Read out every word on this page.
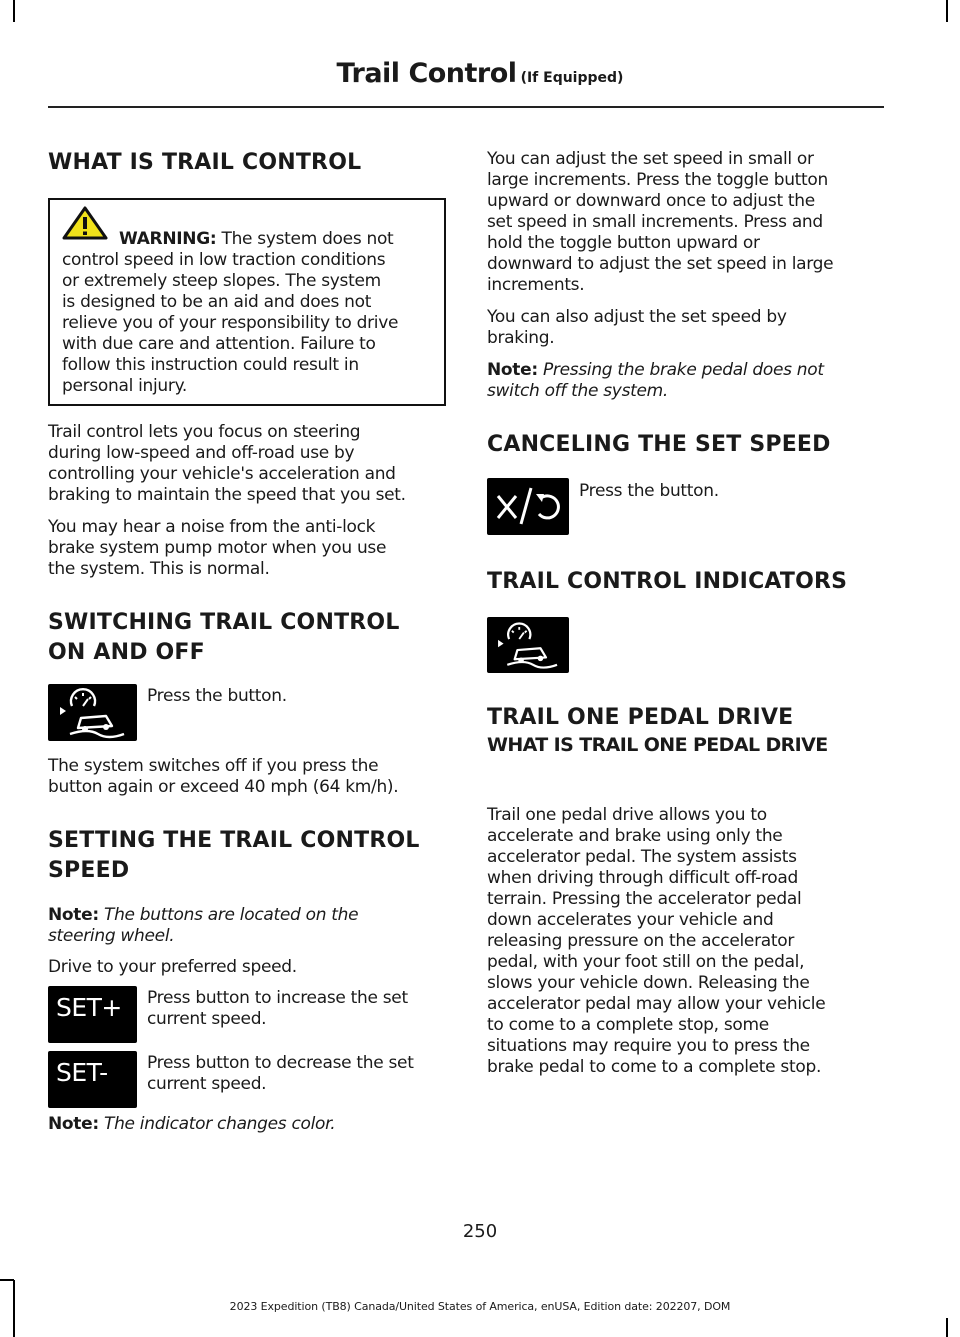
Trail Control (If Equipped)
WHAT IS TRAIL CONTROL
WARNING: The system does not
control speed in low traction conditions
or extremely steep slopes. The system
is designed to be an aid and does not
relieve you of your responsibility to drive
with due care and attention. Failure to
follow this instruction could result in
personal injury.
Trail control lets you focus on steering
during low-speed and off-road use by
controlling your vehicle's acceleration and
braking to maintain the speed that you set.
You may hear a noise from the anti-lock
brake system pump motor when you use
the system. This is normal.
SWITCHING TRAIL CONTROL
ON AND OFF
Press the button.
The system switches off if you press the
button again or exceed 40 mph (64 km/h).
SETTING THE TRAIL CONTROL
SPEED
Note: The buttons are located on the
steering wheel.
Drive to your preferred speed.
SET+ Press button to increase the set
current speed.
SET- Press button to decrease the set
current speed.
Note: The indicator changes color.
You can adjust the set speed in small or
large increments. Press the toggle button
upward or downward once to adjust the
set speed in small increments. Press and
hold the toggle button upward or
downward to adjust the set speed in large
increments.
You can also adjust the set speed by
braking.
Note: Pressing the brake pedal does not
switch off the system.
CANCELING THE SET SPEED
Press the button.
TRAIL CONTROL INDICATORS
TRAIL ONE PEDAL DRIVE
WHAT IS TRAIL ONE PEDAL DRIVE
Trail one pedal drive allows you to
accelerate and brake using only the
accelerator pedal. The system assists
when driving through difficult off-road
terrain. Pressing the accelerator pedal
down accelerates your vehicle and
releasing pressure on the accelerator
pedal, with your foot still on the pedal,
slows your vehicle down. Releasing the
accelerator pedal may allow your vehicle
to come to a complete stop, some
situations may require you to press the
brake pedal to come to a complete stop.
250
2023 Expedition (TB8) Canada/United States of America, enUSA, Edition date: 202207, DOM
